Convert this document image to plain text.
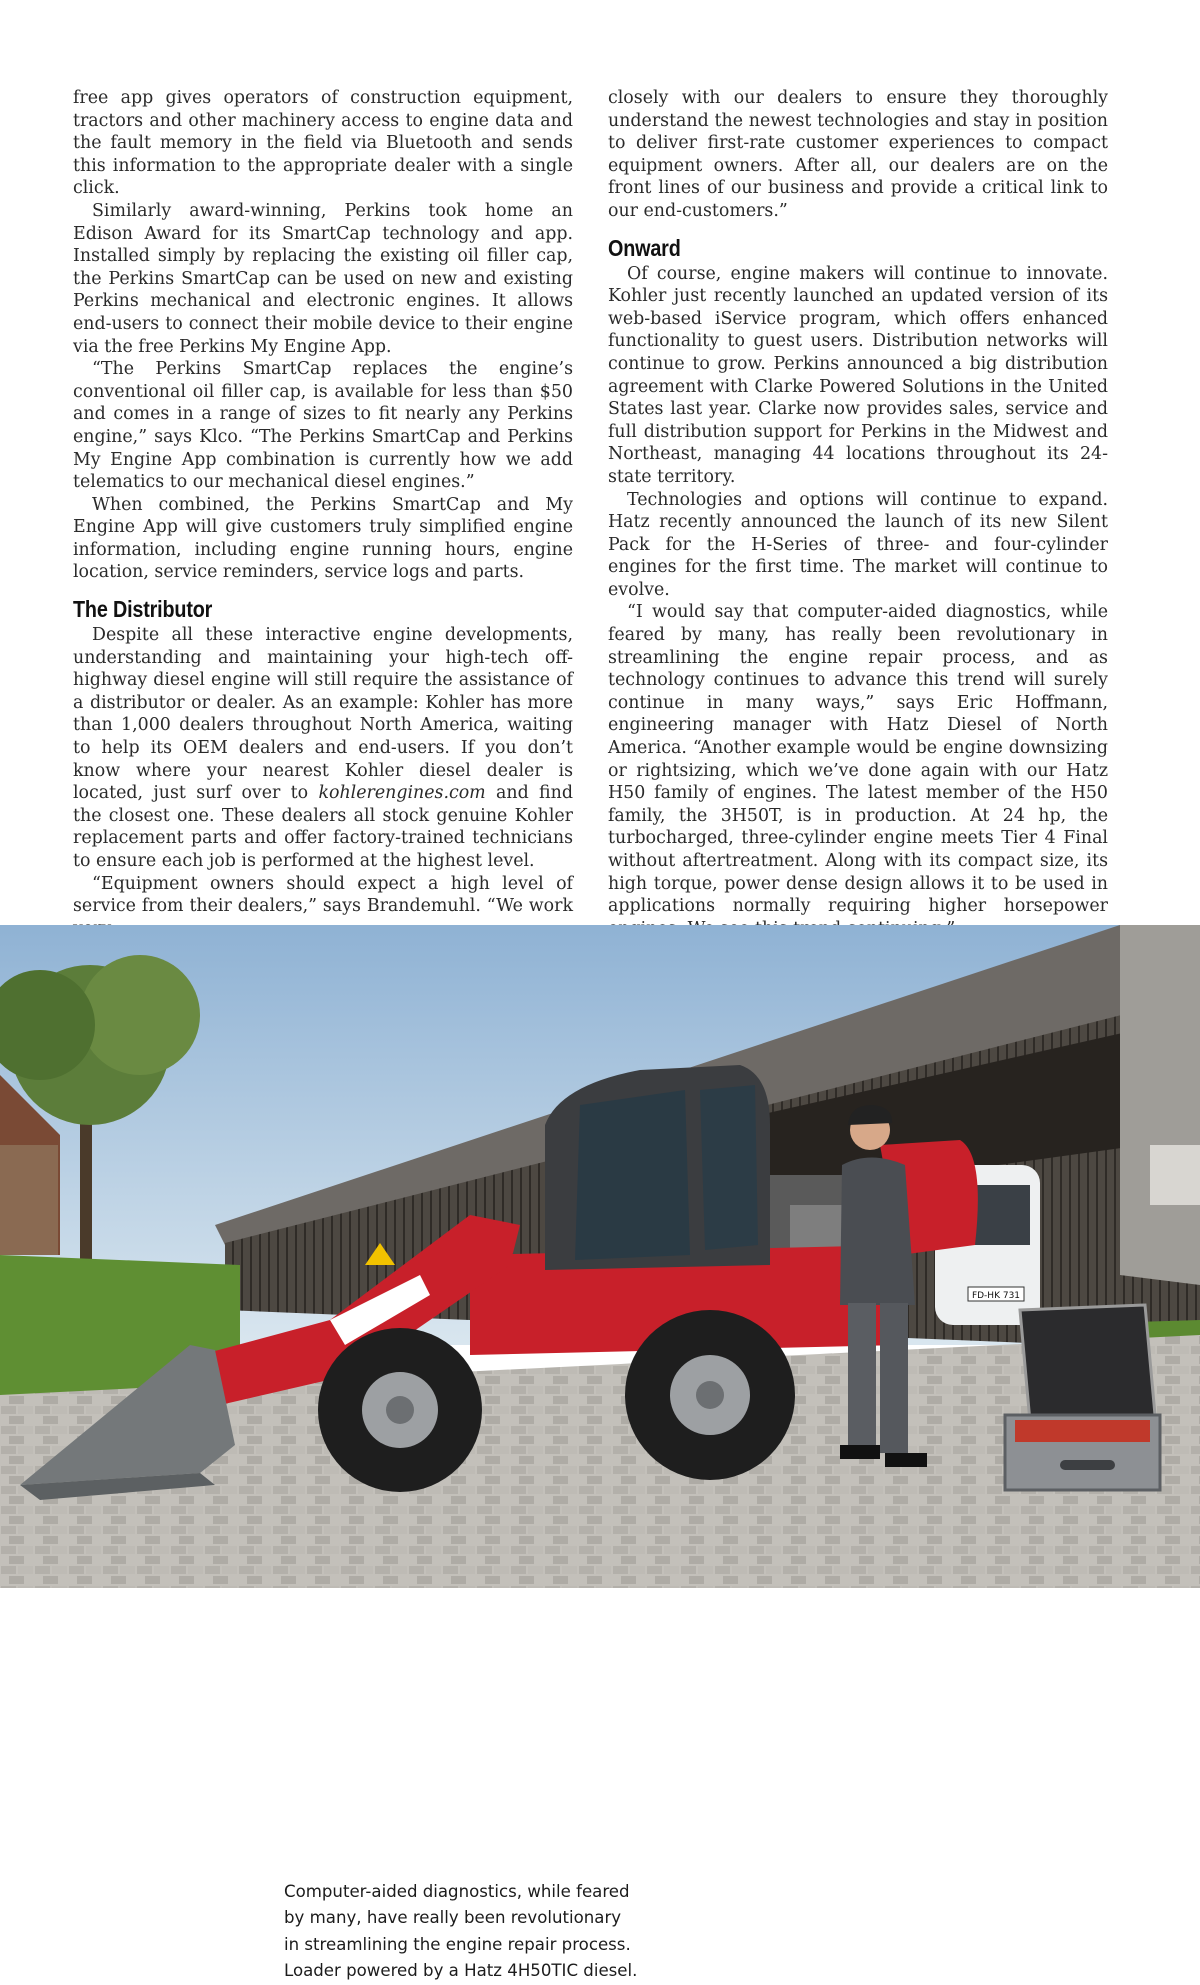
free app gives operators of construction equipment, tractors and other machinery access to engine data and the fault memory in the field via Bluetooth and sends this information to the appropriate dealer with a single click.

Similarly award-winning, Perkins took home an Edison Award for its SmartCap technology and app. Installed simply by replacing the existing oil filler cap, the Perkins SmartCap can be used on new and existing Perkins mechanical and electronic engines. It allows end-users to connect their mobile device to their engine via the free Perkins My Engine App.

“The Perkins SmartCap replaces the engine’s conventional oil filler cap, is available for less than $50 and comes in a range of sizes to fit nearly any Perkins engine,” says Klco. “The Perkins SmartCap and Perkins My Engine App combination is currently how we add telematics to our mechanical diesel engines.”

When combined, the Perkins SmartCap and My Engine App will give customers truly simplified engine information, including engine running hours, engine location, service reminders, service logs and parts.

The Distributor

Despite all these interactive engine developments, understanding and maintaining your high-tech off-highway diesel engine will still require the assistance of a distributor or dealer. As an example: Kohler has more than 1,000 dealers throughout North America, waiting to help its OEM dealers and end-users. If you don’t know where your nearest Kohler diesel dealer is located, just surf over to kohlerengines.com and find the closest one. These dealers all stock genuine Kohler replacement parts and offer factory-trained technicians to ensure each job is performed at the highest level.

“Equipment owners should expect a high level of service from their dealers,” says Brandemuhl. “We work

closely with our dealers to ensure they thoroughly understand the newest technologies and stay in position to deliver first-rate customer experiences to compact equipment owners. After all, our dealers are on the front lines of our business and provide a critical link to our end-customers.”

Onward

Of course, engine makers will continue to innovate. Kohler just recently launched an updated version of its web-based iService program, which offers enhanced functionality to guest users. Distribution networks will continue to grow. Perkins announced a big distribution agreement with Clarke Powered Solutions in the United States last year. Clarke now provides sales, service and full distribution support for Perkins in the Midwest and Northeast, managing 44 locations throughout its 24-state territory.

Technologies and options will continue to expand. Hatz recently announced the launch of its new Silent Pack for the H-Series of three- and four-cylinder engines for the first time. The market will continue to evolve.

“I would say that computer-aided diagnostics, while feared by many, has really been revolutionary in streamlining the engine repair process, and as technology continues to advance this trend will surely continue in many ways,” says Eric Hoffmann, engineering manager with Hatz Diesel of North America. “Another example would be engine downsizing or rightsizing, which we’ve done again with our Hatz H50 family of engines. The latest member of the H50 family, the 3H50T, is in production. At 24 hp, the turbocharged, three-cylinder engine meets Tier 4 Final without aftertreatment. Along with its compact size, its high torque, power dense design allows it to be used in applications normally requiring higher horsepower

FD-HK 731
Computer-aided diagnostics, while feared
by many, have really been revolutionary
in streamlining the engine repair process.
Loader powered by a Hatz 4H50TIC diesel.
